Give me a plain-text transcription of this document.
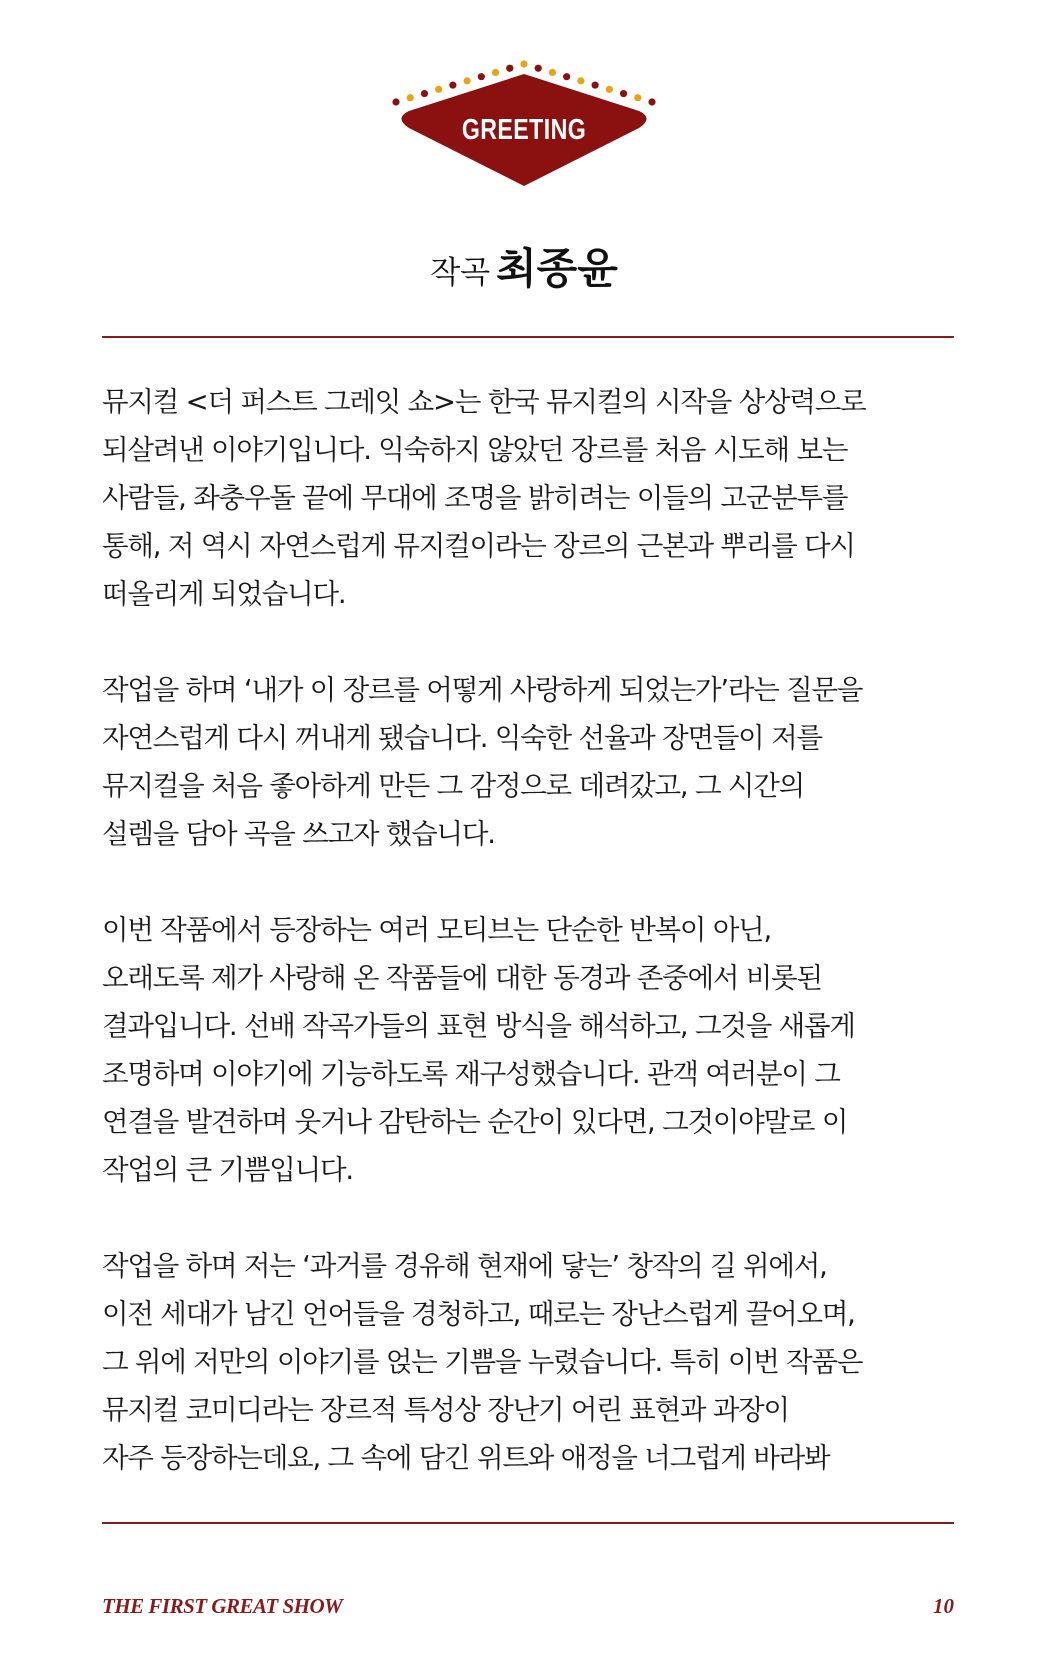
GREETING
작곡 최종윤

뮤지컬 <더 퍼스트 그레잇 쇼>는 한국 뮤지컬의 시작을 상상력으로
되살려낸 이야기입니다. 익숙하지 않았던 장르를 처음 시도해 보는
사람들, 좌충우돌 끝에 무대에 조명을 밝히려는 이들의 고군분투를
통해, 저 역시 자연스럽게 뮤지컬이라는 장르의 근본과 뿌리를 다시
떠올리게 되었습니다.

작업을 하며 ‘내가 이 장르를 어떻게 사랑하게 되었는가’라는 질문을
자연스럽게 다시 꺼내게 됐습니다. 익숙한 선율과 장면들이 저를
뮤지컬을 처음 좋아하게 만든 그 감정으로 데려갔고, 그 시간의
설렘을 담아 곡을 쓰고자 했습니다.

이번 작품에서 등장하는 여러 모티브는 단순한 반복이 아닌,
오래도록 제가 사랑해 온 작품들에 대한 동경과 존중에서 비롯된
결과입니다. 선배 작곡가들의 표현 방식을 해석하고, 그것을 새롭게
조명하며 이야기에 기능하도록 재구성했습니다. 관객 여러분이 그
연결을 발견하며 웃거나 감탄하는 순간이 있다면, 그것이야말로 이
작업의 큰 기쁨입니다.

작업을 하며 저는 ‘과거를 경유해 현재에 닿는’ 창작의 길 위에서,
이전 세대가 남긴 언어들을 경청하고, 때로는 장난스럽게 끌어오며,
그 위에 저만의 이야기를 얹는 기쁨을 누렸습니다. 특히 이번 작품은
뮤지컬 코미디라는 장르적 특성상 장난기 어린 표현과 과장이
자주 등장하는데요, 그 속에 담긴 위트와 애정을 너그럽게 바라봐

THE FIRST GREAT SHOW	10
